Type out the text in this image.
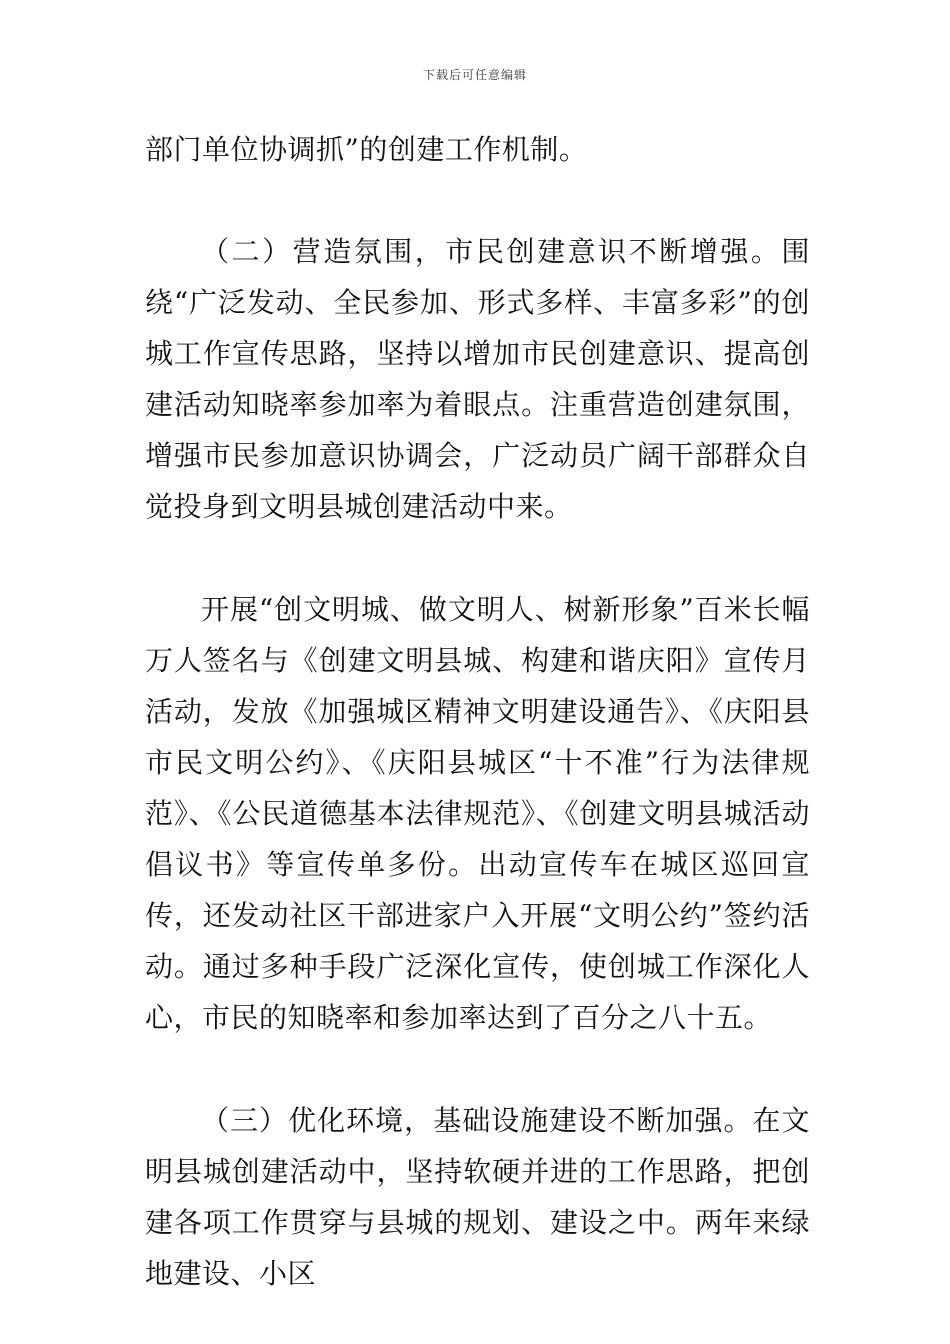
下载后可任意编辑

部门单位协调抓”的创建工作机制。

（二）营造氛围，市民创建意识不断增强。围绕“广泛发动、全民参加、形式多样、丰富多彩”的创城工作宣传思路，坚持以增加市民创建意识、提高创建活动知晓率参加率为着眼点。注重营造创建氛围，增强市民参加意识协调会，广泛动员广阔干部群众自觉投身到文明县城创建活动中来。

开展“创文明城、做文明人、树新形象”百米长幅万人签名与《创建文明县城、构建和谐庆阳》宣传月活动，发放《加强城区精神文明建设通告》、《庆阳县市民文明公约》、《庆阳县城区“十不准”行为法律规范》、《公民道德基本法律规范》、《创建文明县城活动倡议书》等宣传单多份。出动宣传车在城区巡回宣传，还发动社区干部进家户入开展“文明公约”签约活动。通过多种手段广泛深化宣传，使创城工作深化人心，市民的知晓率和参加率达到了百分之八十五。

（三）优化环境，基础设施建设不断加强。在文明县城创建活动中，坚持软硬并进的工作思路，把创建各项工作贯穿与县城的规划、建设之中。两年来绿地建设、小区
